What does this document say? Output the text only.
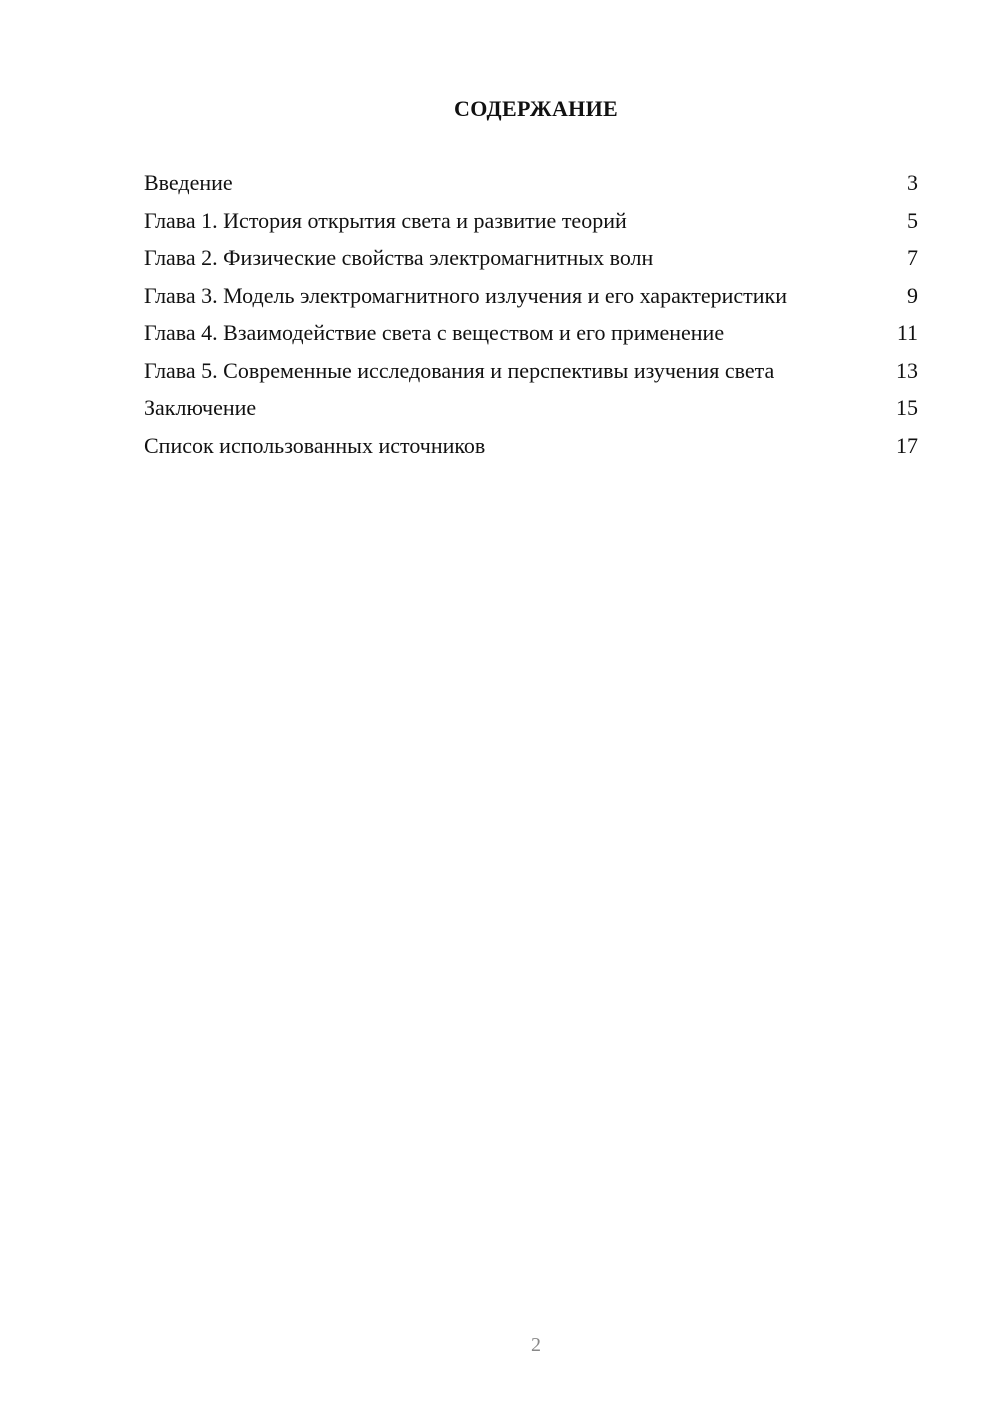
СОДЕРЖАНИЕ
Введение	3
Глава 1. История открытия света и развитие теорий	5
Глава 2. Физические свойства электромагнитных волн	7
Глава 3. Модель электромагнитного излучения и его характеристики	9
Глава 4. Взаимодействие света с веществом и его применение	11
Глава 5. Современные исследования и перспективы изучения света	13
Заключение	15
Список использованных источников	17
2
